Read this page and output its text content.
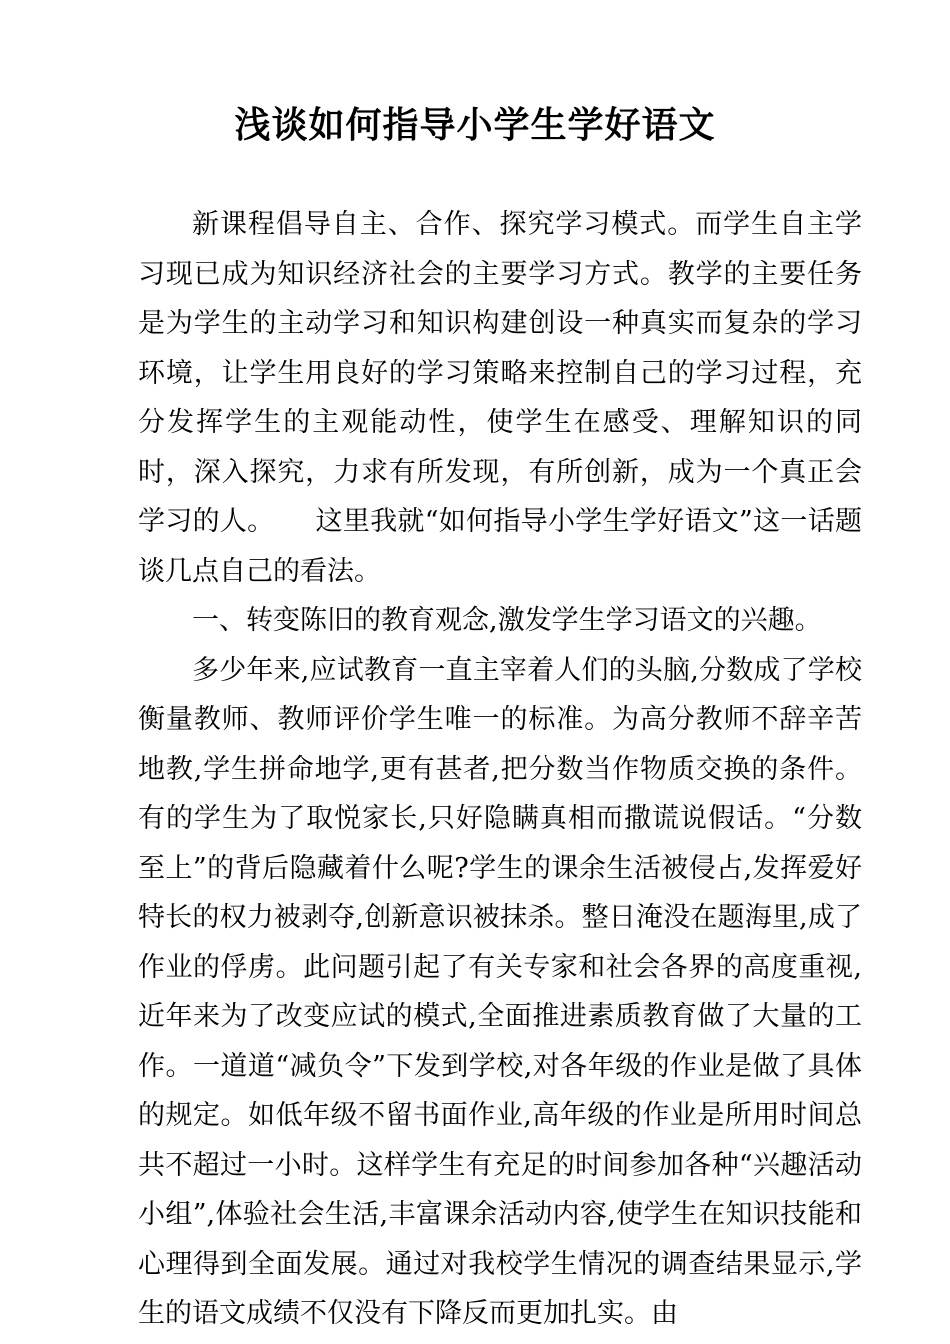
浅谈如何指导小学生学好语文

新课程倡导自主、合作、探究学习模式。而学生自主学习现已成为知识经济社会的主要学习方式。教学的主要任务是为学生的主动学习和知识构建创设一种真实而复杂的学习环境，让学生用良好的学习策略来控制自己的学习过程，充分发挥学生的主观能动性，使学生在感受、理解知识的同时，深入探究，力求有所发现，有所创新，成为一个真正会学习的人。　　这里我就“如何指导小学生学好语文”这一话题谈几点自己的看法。

一、转变陈旧的教育观念,激发学生学习语文的兴趣。

多少年来,应试教育一直主宰着人们的头脑,分数成了学校衡量教师、教师评价学生唯一的标准。为高分教师不辞辛苦地教,学生拼命地学,更有甚者,把分数当作物质交换的条件。有的学生为了取悦家长,只好隐瞒真相而撒谎说假话。“分数至上”的背后隐藏着什么呢?学生的课余生活被侵占,发挥爱好特长的权力被剥夺,创新意识被抹杀。整日淹没在题海里,成了作业的俘虏。此问题引起了有关专家和社会各界的高度重视,近年来为了改变应试的模式,全面推进素质教育做了大量的工作。一道道“减负令”下发到学校,对各年级的作业是做了具体的规定。如低年级不留书面作业,高年级的作业是所用时间总共不超过一小时。这样学生有充足的时间参加各种“兴趣活动小组”,体验社会生活,丰富课余活动内容,使学生在知识技能和心理得到全面发展。通过对我校学生情况的调查结果显示,学生的语文成绩不仅没有下降反而更加扎实。由
